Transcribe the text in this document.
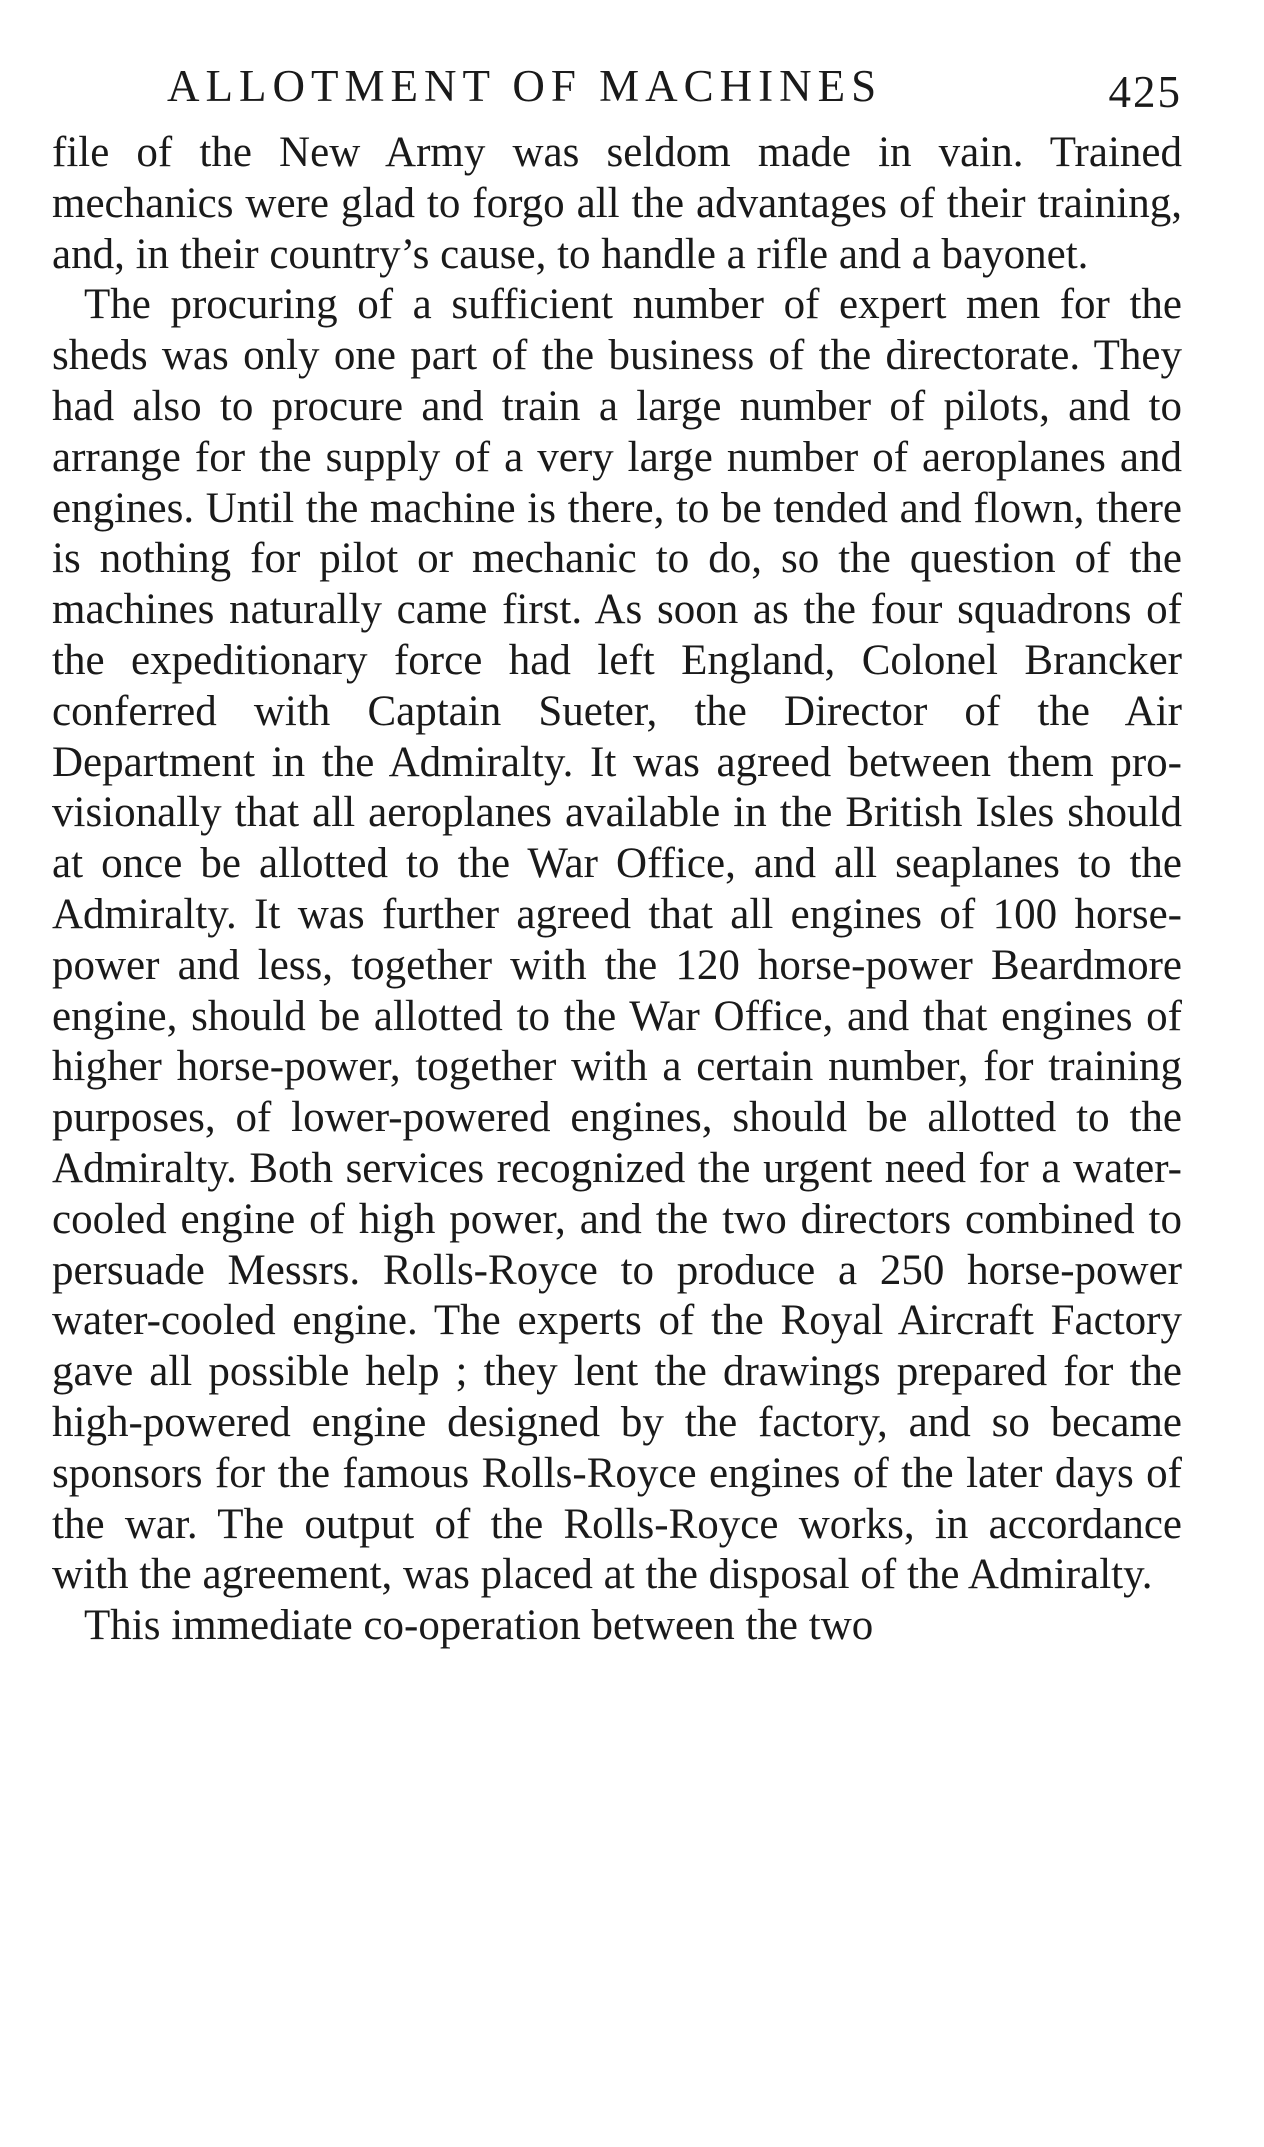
ALLOTMENT OF MACHINES	425

file of the New Army was seldom made in vain. Trained mechanics were glad to forgo all the advantages of their training, and, in their country’s cause, to handle a rifle and a bayonet.

The procuring of a sufficient number of expert men for the sheds was only one part of the business of the directorate. They had also to procure and train a large number of pilots, and to arrange for the supply of a very large number of aeroplanes and engines. Until the machine is there, to be tended and flown, there is nothing for pilot or mechanic to do, so the question of the machines naturally came first. As soon as the four squadrons of the expeditionary force had left England, Colonel Brancker conferred with Captain Sueter, the Director of the Air Department in the Admiralty. It was agreed between them pro-visionally that all aeroplanes available in the British Isles should at once be allotted to the War Office, and all seaplanes to the Admiralty. It was further agreed that all engines of 100 horse-power and less, together with the 120 horse-power Beardmore engine, should be allotted to the War Office, and that engines of higher horse-power, together with a certain number, for training purposes, of lower-powered engines, should be allotted to the Admiralty. Both services recognized the urgent need for a water-cooled engine of high power, and the two directors combined to persuade Messrs. Rolls-Royce to produce a 250 horse-power water-cooled engine. The experts of the Royal Aircraft Factory gave all possible help ; they lent the drawings prepared for the high-powered engine designed by the factory, and so became sponsors for the famous Rolls-Royce engines of the later days of the war. The output of the Rolls-Royce works, in accordance with the agreement, was placed at the disposal of the Admiralty.

This immediate co-operation between the two
